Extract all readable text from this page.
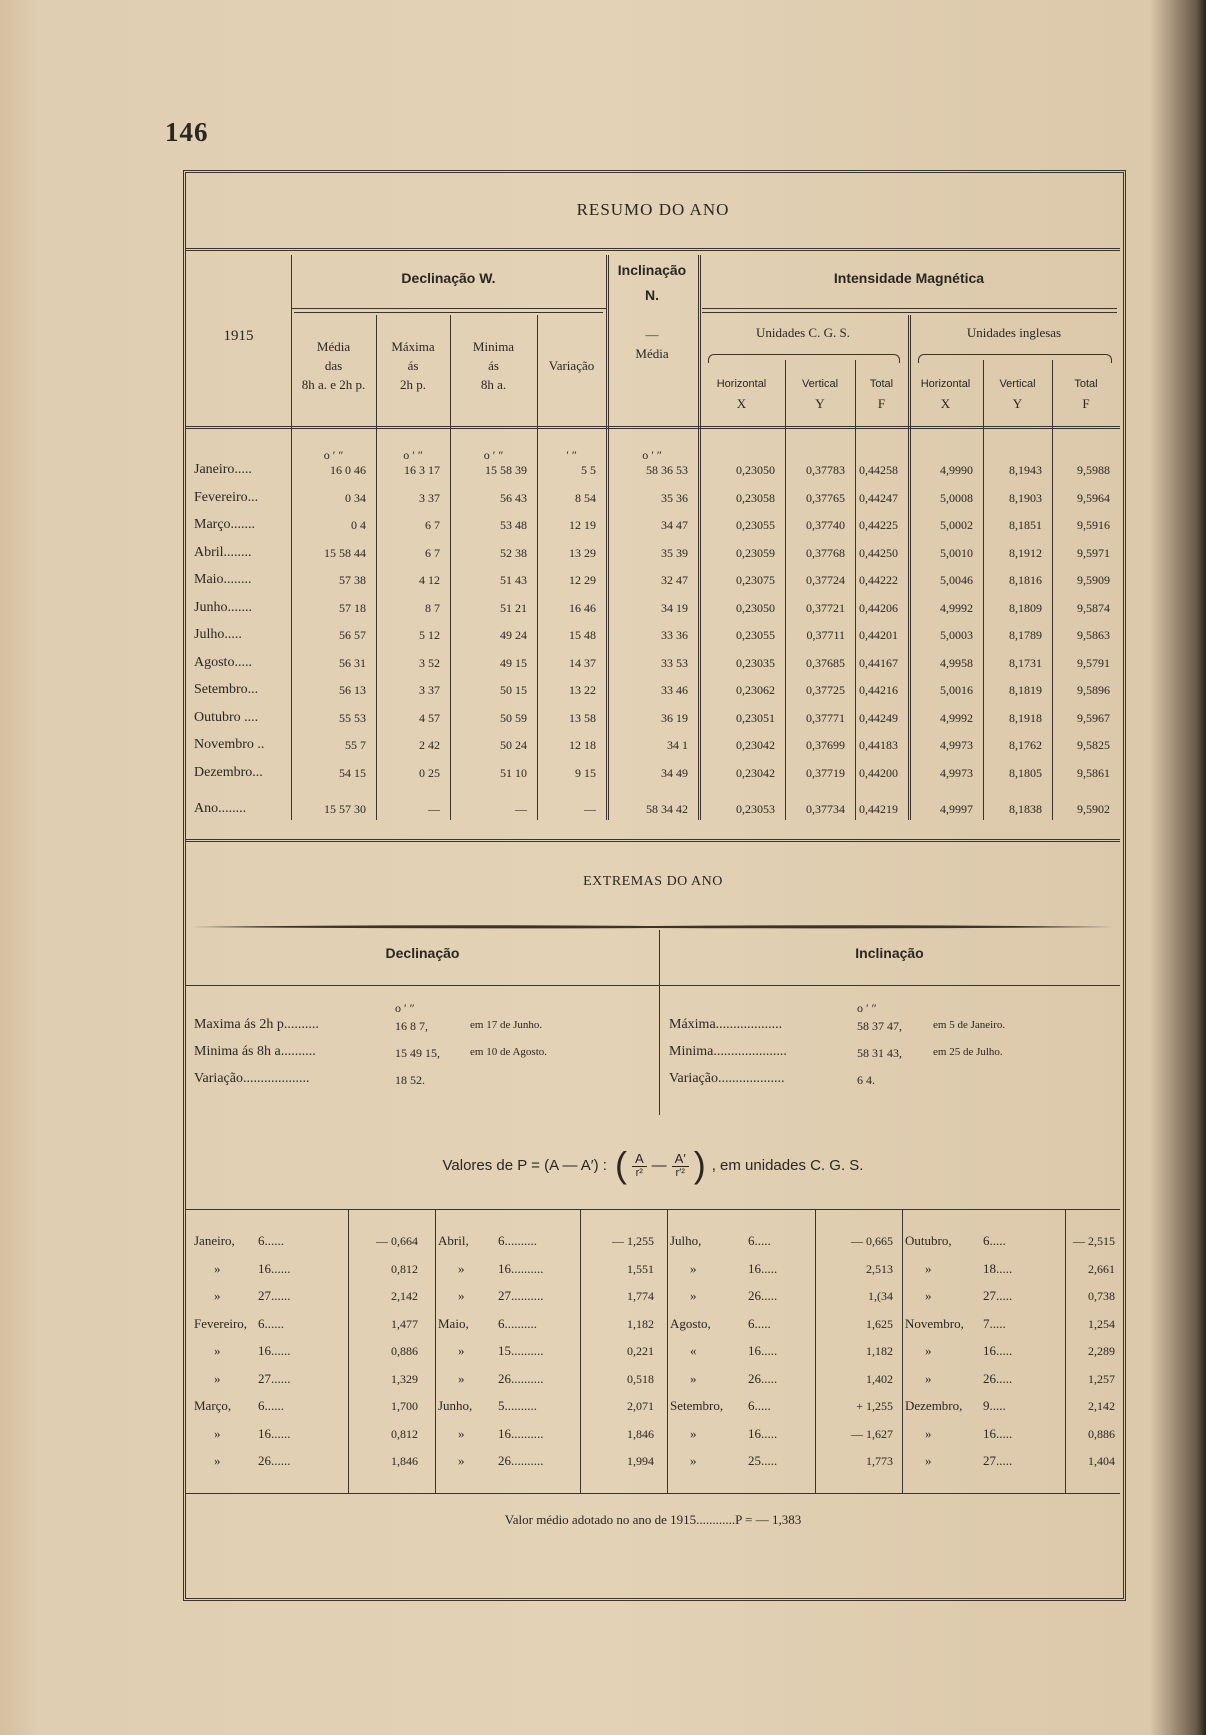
146
RESUMO DO ANO
Declinação W.	Inclinação
N.
Intensidade Magnética
1915
Média
das
8h a. e 2h p.
Máxima
ás
2h p.
Minima
ás
8h a.
Variação
—
Média
Unidades C. G. S.	Unidades inglesas
Horizontal
X
Vertical
Y
Total
F
Horizontal
X
Vertical
Y
Total
F
o ′ ″	o ′ ″	o ′ ″	′ ″	o ′ ″
Janeiro.....	16 0 46	16 3 17	15 58 39	5 5	58 36 53	0,23050	0,37783	0,44258	4,9990	8,1943	9,5988
Fevereiro...	0 34	3 37	56 43	8 54	35 36	0,23058	0,37765	0,44247	5,0008	8,1903	9,5964
Março.......	0 4	6 7	53 48	12 19	34 47	0,23055	0,37740	0,44225	5,0002	8,1851	9,5916
Abril........	15 58 44	6 7	52 38	13 29	35 39	0,23059	0,37768	0,44250	5,0010	8,1912	9,5971
Maio........	57 38	4 12	51 43	12 29	32 47	0,23075	0,37724	0,44222	5,0046	8,1816	9,5909
Junho.......	57 18	8 7	51 21	16 46	34 19	0,23050	0,37721	0,44206	4,9992	8,1809	9,5874
Julho.....	56 57	5 12	49 24	15 48	33 36	0,23055	0,37711	0,44201	5,0003	8,1789	9,5863
Agosto.....	56 31	3 52	49 15	14 37	33 53	0,23035	0,37685	0,44167	4,9958	8,1731	9,5791
Setembro...	56 13	3 37	50 15	13 22	33 46	0,23062	0,37725	0,44216	5,0016	8,1819	9,5896
Outubro ....	55 53	4 57	50 59	13 58	36 19	0,23051	0,37771	0,44249	4,9992	8,1918	9,5967
Novembro ..	55 7	2 42	50 24	12 18	34 1	0,23042	0,37699	0,44183	4,9973	8,1762	9,5825
Dezembro...	54 15	0 25	51 10	9 15	34 49	0,23042	0,37719	0,44200	4,9973	8,1805	9,5861
Ano........	15 57 30	—	—	—	58 34 42	0,23053	0,37734	0,44219	4,9997	8,1838	9,5902
EXTREMAS DO ANO
Declinação	Inclinação
o ′ ″	o ′ ″
Maxima ás 2h p..........	16 8 7,	em 17 de Junho.
Minima ás 8h a..........	15 49 15,	em 10 de Agosto.
Variação...................	18 52.
Máxima...................	58 37 47,	em 5 de Janeiro.
Minima.....................	58 31 43,	em 25 de Julho.
Variação...................	6 4.
Valores de P = (A — A′) : ( A
r² — A′
r′² ) , em unidades C. G. S.
Janeiro, 6......	— 0,664
»	16......	0,812
»	27......	2,142
Fevereiro, 6......	1,477
»	16......	0,886
»	27......	1,329
Março, 6......	1,700
»	16......	0,812
»	26......	1,846
Abril, 6..........	— 1,255
»	16..........	1,551
»	27..........	1,774
Maio, 6..........	1,182
»	15..........	0,221
»	26..........	0,518
Junho, 5..........	2,071
»	16..........	1,846
»	26..........	1,994
Julho,	6.....	— 0,665
»	16.....	2,513
»	26.....	1,(34
Agosto,	6.....	1,625
«	16.....	1,182
»	26.....	1,402
Setembro, 6.....	+ 1,255
»	16.....	— 1,627
»	25.....	1,773
Outubro, 6.....	— 2,515
»	18.....	2,661
»	27.....	0,738
Novembro, 7.....	1,254
»	16.....	2,289
»	26.....	1,257
Dezembro, 9.....	2,142
»	16.....	0,886
»	27.....	1,404
Valor médio adotado no ano de 1915............P = — 1,383
